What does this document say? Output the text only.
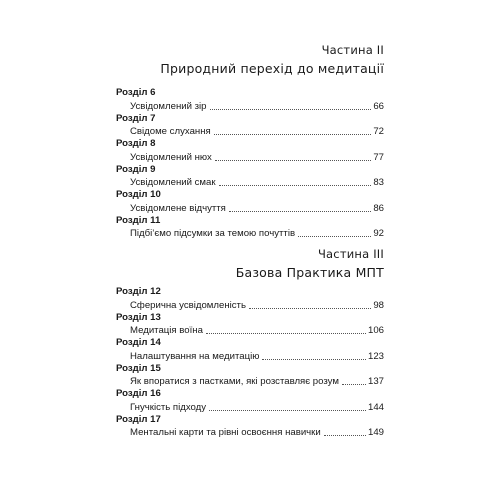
Частина II
Природний перехід до медитації
Розділ 6
Усвідомлений зір	66
Розділ 7
Свідоме слухання	72
Розділ 8
Усвідомлений нюх	77
Розділ 9
Усвідомлений смак	83
Розділ 10
Усвідомлене відчуття	86
Розділ 11
Підбі’ємо підсумки за темою почуттів	92
Частина III
Базова Практика МПТ
Розділ 12
Сферична усвідомленість	98
Розділ 13
Медитація воїна	106
Розділ 14
Налаштування на медитацію	123
Розділ 15
Як впоратися з пастками, які розставляє розум	137
Розділ 16
Гнучкість підходу	144
Розділ 17
Ментальні карти та рівні освоєння навички	149
